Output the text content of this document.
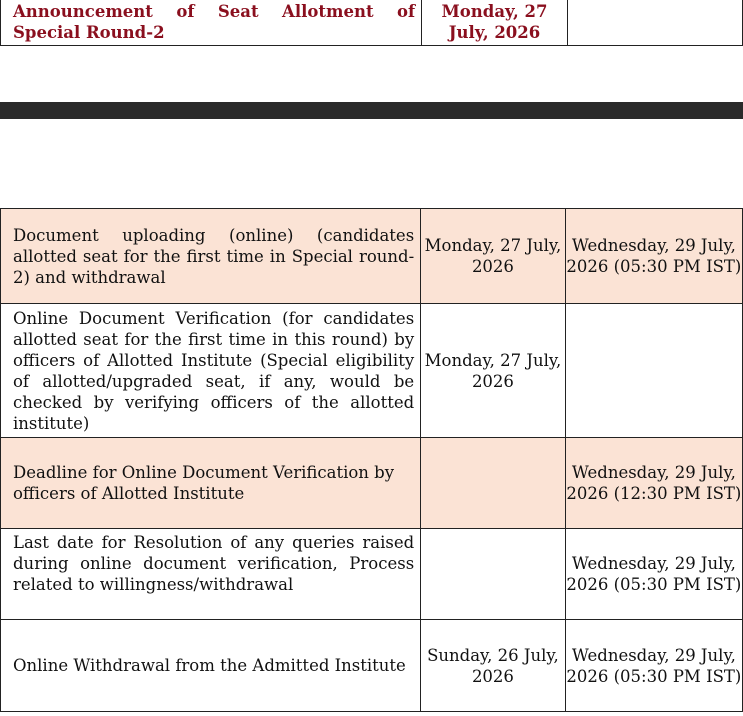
Announcement of Seat Allotment of Special Round-2	Monday, 27 July, 2026	
Document uploading (online) (candidates allotted seat for the first time in Special round-2) and withdrawal	Monday, 27 July, 2026	Wednesday, 29 July, 2026 (05:30 PM IST)
Online Document Verification (for candidates allotted seat for the first time in this round) by officers of Allotted Institute (Special eligibility of allotted/upgraded seat, if any, would be checked by verifying officers of the allotted institute)	Monday, 27 July, 2026	
Deadline for Online Document Verification by officers of Allotted Institute		Wednesday, 29 July, 2026 (12:30 PM IST)
Last date for Resolution of any queries raised during online document verification, Process related to willingness/withdrawal		Wednesday, 29 July, 2026 (05:30 PM IST)
Online Withdrawal from the Admitted Institute	Sunday, 26 July, 2026	Wednesday, 29 July, 2026 (05:30 PM IST)
